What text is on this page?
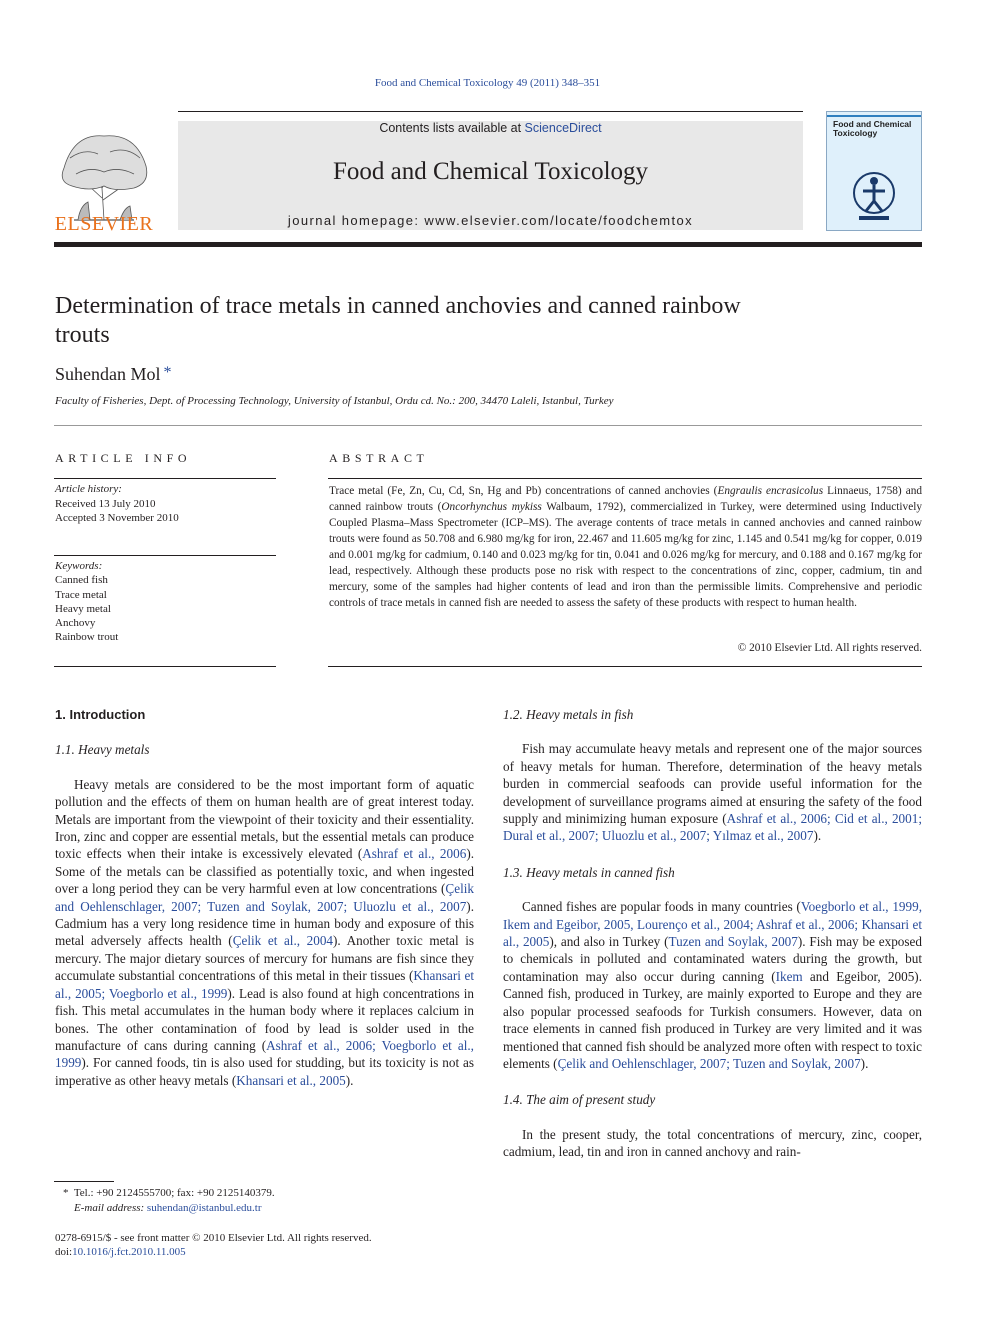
Food and Chemical Toxicology 49 (2011) 348–351
ELSEVIER
Contents lists available at ScienceDirect
Food and Chemical Toxicology
journal homepage: www.elsevier.com/locate/foodchemtox
Food and Chemical Toxicology
Determination of trace metals in canned anchovies and canned rainbow trouts
Suhendan Mol *
Faculty of Fisheries, Dept. of Processing Technology, University of Istanbul, Ordu cd. No.: 200, 34470 Laleli, Istanbul, Turkey
ARTICLE INFO
Article history:
Received 13 July 2010
Accepted 3 November 2010
Keywords:
Canned fish
Trace metal
Heavy metal
Anchovy
Rainbow trout
ABSTRACT

Trace metal (Fe, Zn, Cu, Cd, Sn, Hg and Pb) concentrations of canned anchovies (Engraulis encrasicolus Linnaeus, 1758) and canned rainbow trouts (Oncorhynchus mykiss Walbaum, 1792), commercialized in Turkey, were determined using Inductively Coupled Plasma–Mass Spectrometer (ICP–MS). The average contents of trace metals in canned anchovies and canned rainbow trouts were found as 50.708 and 6.980 mg/kg for iron, 22.467 and 11.605 mg/kg for zinc, 1.145 and 0.541 mg/kg for copper, 0.019 and 0.001 mg/kg for cadmium, 0.140 and 0.023 mg/kg for tin, 0.041 and 0.026 mg/kg for mercury, and 0.188 and 0.167 mg/kg for lead, respectively. Although these products pose no risk with respect to the concentrations of zinc, copper, cadmium, tin and mercury, some of the samples had higher contents of lead and iron than the permissible limits. Comprehensive and periodic controls of trace metals in canned fish are needed to assess the safety of these products with respect to human health.

© 2010 Elsevier Ltd. All rights reserved.
1. Introduction
1.1. Heavy metals

Heavy metals are considered to be the most important form of aquatic pollution and the effects of them on human health are of great interest today. Metals are important from the viewpoint of their toxicity and their essentiality. Iron, zinc and copper are essential metals, but the essential metals can produce toxic effects when their intake is excessively elevated (Ashraf et al., 2006). Some of the metals can be classified as potentially toxic, and when ingested over a long period they can be very harmful even at low concentrations (Çelik and Oehlenschlager, 2007; Tuzen and Soylak, 2007; Uluozlu et al., 2007). Cadmium has a very long residence time in human body and exposure of this metal adversely affects health (Çelik et al., 2004). Another toxic metal is mercury. The major dietary sources of mercury for humans are fish since they accumulate substantial concentrations of this metal in their tissues (Khansari et al., 2005; Voegborlo et al., 1999). Lead is also found at high concentrations in fish. This metal accumulates in the human body where it replaces calcium in bones. The other contamination of food by lead is solder used in the manufacture of cans during canning (Ashraf et al., 2006; Voegborlo et al., 1999). For canned foods, tin is also used for studding, but its toxicity is not as imperative as other heavy metals (Khansari et al., 2005).

1.2. Heavy metals in fish

Fish may accumulate heavy metals and represent one of the major sources of heavy metals for human. Therefore, determination of the heavy metals burden in commercial seafoods can provide useful information for the development of surveillance programs aimed at ensuring the safety of the food supply and minimizing human exposure (Ashraf et al., 2006; Cid et al., 2001; Dural et al., 2007; Uluozlu et al., 2007; Yılmaz et al., 2007).

1.3. Heavy metals in canned fish

Canned fishes are popular foods in many countries (Voegborlo et al., 1999, Ikem and Egeibor, 2005, Lourenço et al., 2004; Ashraf et al., 2006; Khansari et al., 2005), and also in Turkey (Tuzen and Soylak, 2007). Fish may be exposed to chemicals in polluted and contaminated waters during the growth, but contamination may also occur during canning (Ikem and Egeibor, 2005). Canned fish, produced in Turkey, are mainly exported to Europe and they are also popular processed seafoods for Turkish consumers. However, data on trace elements in canned fish produced in Turkey are very limited and it was mentioned that canned fish should be analyzed more often with respect to toxic elements (Çelik and Oehlenschlager, 2007; Tuzen and Soylak, 2007).

1.4. The aim of present study

In the present study, the total concentrations of mercury, zinc, cooper, cadmium, lead, tin and iron in canned anchovy and rain-

* Tel.: +90 2124555700; fax: +90 2125140379.
E-mail address: suhendan@istanbul.edu.tr
0278-6915/$ - see front matter © 2010 Elsevier Ltd. All rights reserved.
doi:10.1016/j.fct.2010.11.005
